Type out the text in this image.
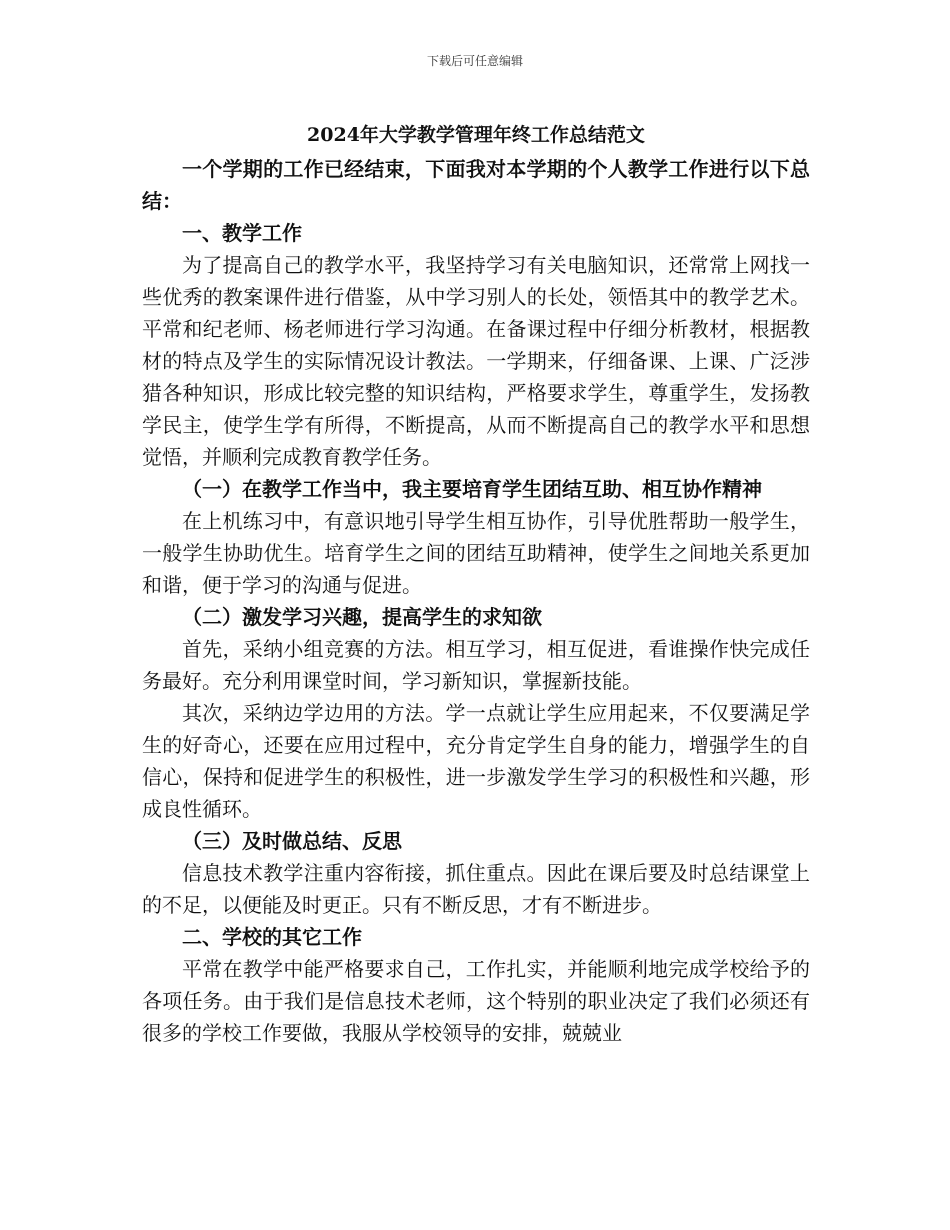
下载后可任意编辑
2024年大学教学管理年终工作总结范文

一个学期的工作已经结束，下面我对本学期的个人教学工作进行以下总结：

一、教学工作

为了提高自己的教学水平，我坚持学习有关电脑知识，还常常上网找一些优秀的教案课件进行借鉴，从中学习别人的长处，领悟其中的教学艺术。平常和纪老师、杨老师进行学习沟通。在备课过程中仔细分析教材，根据教材的特点及学生的实际情况设计教法。一学期来，仔细备课、上课、广泛涉猎各种知识，形成比较完整的知识结构，严格要求学生，尊重学生，发扬教学民主，使学生学有所得，不断提高，从而不断提高自己的教学水平和思想觉悟，并顺利完成教育教学任务。

（一）在教学工作当中，我主要培育学生团结互助、相互协作精神

在上机练习中，有意识地引导学生相互协作，引导优胜帮助一般学生，一般学生协助优生。培育学生之间的团结互助精神，使学生之间地关系更加和谐，便于学习的沟通与促进。

（二）激发学习兴趣，提高学生的求知欲

首先，采纳小组竞赛的方法。相互学习，相互促进，看谁操作快完成任务最好。充分利用课堂时间，学习新知识，掌握新技能。

其次，采纳边学边用的方法。学一点就让学生应用起来，不仅要满足学生的好奇心，还要在应用过程中，充分肯定学生自身的能力，增强学生的自信心，保持和促进学生的积极性，进一步激发学生学习的积极性和兴趣，形成良性循环。

（三）及时做总结、反思

信息技术教学注重内容衔接，抓住重点。因此在课后要及时总结课堂上的不足，以便能及时更正。只有不断反思，才有不断进步。

二、学校的其它工作

平常在教学中能严格要求自己，工作扎实，并能顺利地完成学校给予的各项任务。由于我们是信息技术老师，这个特别的职业决定了我们必须还有很多的学校工作要做，我服从学校领导的安排，兢兢业
